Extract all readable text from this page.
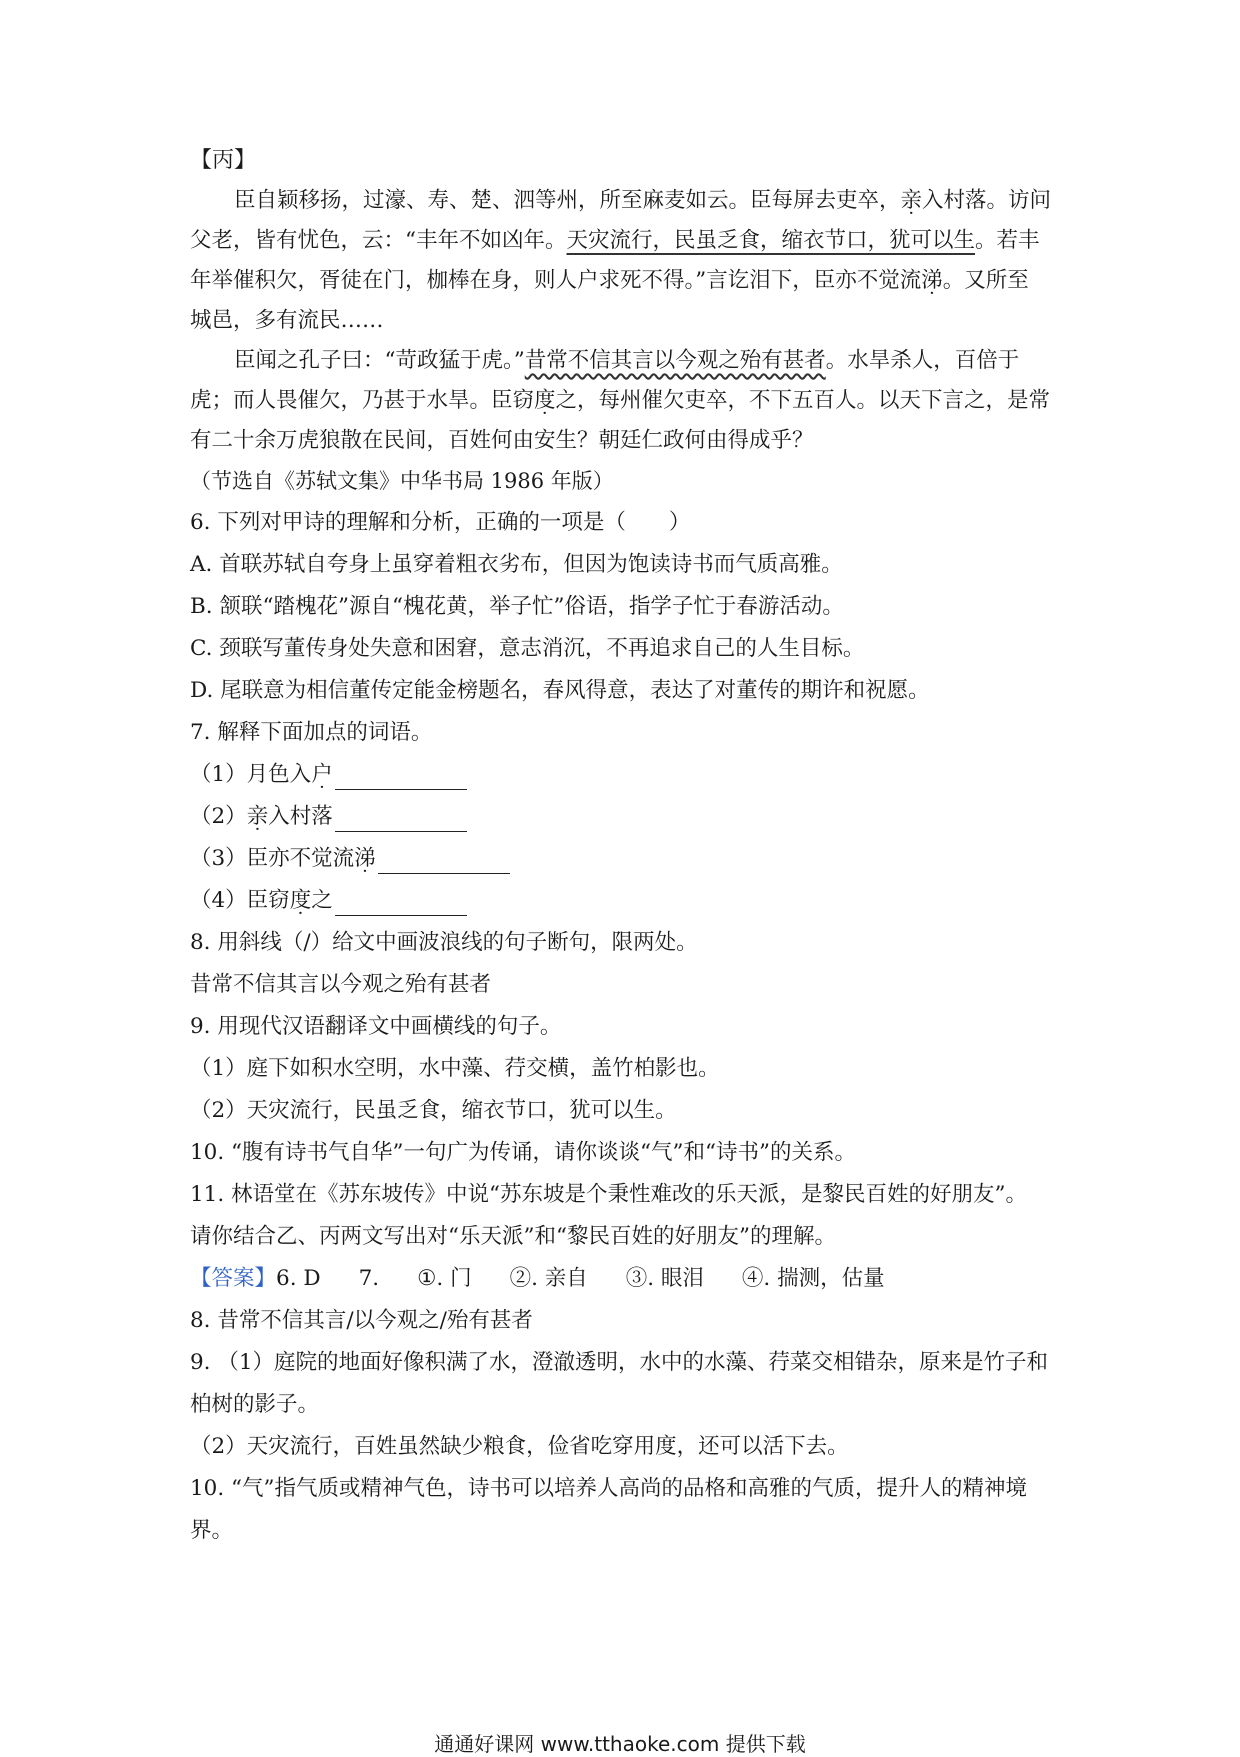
【丙】
臣自颖移扬，过濠、寿、楚、泗等州，所至麻麦如云。臣每屏去吏卒，亲入村落。访问
父老，皆有忧色，云：“丰年不如凶年。天灾流行，民虽乏食，缩衣节口，犹可以生。若丰
年举催积欠，胥徒在门，枷棒在身，则人户求死不得。”言讫泪下，臣亦不觉流涕。又所至
城邑，多有流民……
臣闻之孔子曰：“苛政猛于虎。”昔常不信其言以今观之殆有甚者。水旱杀人，百倍于
虎；而人畏催欠，乃甚于水旱。臣窃度之，每州催欠吏卒，不下五百人。以天下言之，是常
有二十余万虎狼散在民间，百姓何由安生？朝廷仁政何由得成乎？
（节选自《苏轼文集》中华书局 1986 年版）
6. 下列对甲诗的理解和分析，正确的一项是（　　）
A. 首联苏轼自夸身上虽穿着粗衣劣布，但因为饱读诗书而气质高雅。
B. 颔联“踏槐花”源自“槐花黄，举子忙”俗语，指学子忙于春游活动。
C. 颈联写董传身处失意和困窘，意志消沉，不再追求自己的人生目标。
D. 尾联意为相信董传定能金榜题名，春风得意，表达了对董传的期许和祝愿。
7. 解释下面加点的词语。
（1）月色入户
（2）亲入村落
（3）臣亦不觉流涕
（4）臣窃度之
8. 用斜线（/）给文中画波浪线的句子断句，限两处。
昔常不信其言以今观之殆有甚者
9. 用现代汉语翻译文中画横线的句子。
（1）庭下如积水空明，水中藻、荇交横，盖竹柏影也。
（2）天灾流行，民虽乏食，缩衣节口，犹可以生。
10. “腹有诗书气自华”一句广为传诵，请你谈谈“气”和“诗书”的关系。
11. 林语堂在《苏东坡传》中说“苏东坡是个秉性难改的乐天派，是黎民百姓的好朋友”。
请你结合乙、丙两文写出对“乐天派”和“黎民百姓的好朋友”的理解。
【答案】6. D 7. ①. 门 ②. 亲自 ③. 眼泪 ④. 揣测，估量
8. 昔常不信其言/以今观之/殆有甚者
9. （1）庭院的地面好像积满了水，澄澈透明，水中的水藻、荇菜交相错杂，原来是竹子和
柏树的影子。
（2）天灾流行，百姓虽然缺少粮食，俭省吃穿用度，还可以活下去。
10. “气”指气质或精神气色，诗书可以培养人高尚的品格和高雅的气质，提升人的精神境
界。
通通好课网 www.tthaoke.com 提供下载
